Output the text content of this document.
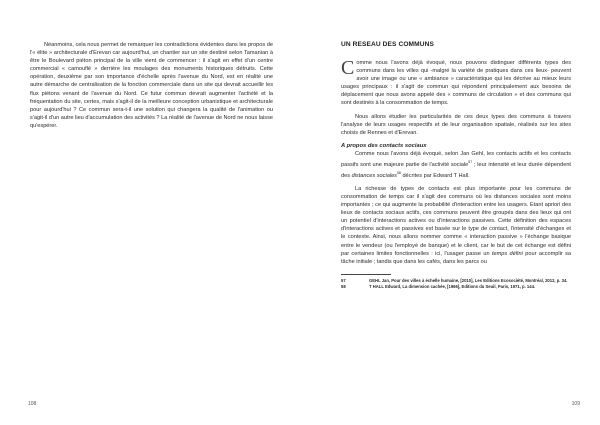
Néanmoins, cela nous permet de remarquer les contradictions évidentes dans les propos de l'« élite » architecturale d'Erevan car aujourd'hui, un chantier sur un site destiné selon Tamanian à être le Boulevard piéton principal de la ville vient de commencer : il s'agit en effet d'un centre commercial « camouflé » derrière les moulages des monuments historiques détruits. Cette opération, deuxième par son importance d'échelle après l'avenue du Nord, est en réalité une autre démarche de centralisation de la fonction commerciale dans un site qui devrait accueillir les flux piétons venant de l'avenue du Nord. Ce futur commun devrait augmenter l'activité et la fréquentation du site, certes, mais s'agit-il de la meilleure conception urbanistique et architecturale pour aujourd'hui ? Ce commun sera-t-il une solution qui changera la qualité de l'animation ou s'agit-il d'un autre lieu d'accumulation des activités ? La réalité de l'avenue de Nord ne nous laisse qu'espérer.

108
UN RESEAU DES COMMUNS

Comme nous l'avons déjà évoqué, nous pouvons distinguer différents types des communs dans les villes qui -malgré la variété de pratiques dans ces lieux- peuvent avoir une image ou une « ambiance » caractéristique qui les décrive au mieux leurs usages principaux : il s'agit de commun qui répondent principalement aux besoins de déplacement que nous avons appelé des « communs de circulation » et des communs qui sont destinés à la consommation de temps.

Nous allons étudier les particularités de ces deux types des communs à travers l'analyse de leurs usages respectifs et de leur organisation spatiale, réalisés sur les sites choisis de Rennes et d'Erevan.

A propos des contacts sociaux

Comme nous l'avons déjà évoqué, selon Jan Gehl, les contacts actifs et les contacts passifs sont une majeure partie de l'activité sociale$^{57}$ ; leur intensité et leur durée dépendent des distances sociales$^{58}$ décrites par Edward T Hall.

La richesse de types de contacts est plus importante pour les communs de consommation de temps car il s'agit des communs où les distances sociales sont moins importantes ; ce qui augmente la probabilité d'interaction entre les usagers. Etant apriori des lieux de contacts sociaux actifs, ces communs peuvent être groupés dans des lieux qui ont un potentiel d'interactions actives ou d'interactions passives. Cette définition des espaces d'interactions actives et passives est basée sur le type de contact, l'intensité d'échanges et le contexte. Ainsi, nous allons nommer comme « interaction passive » l'échange basique entre le vendeur (ou l'employé de banque) et le client, car le but de cet échange est défini par certaines limites fonctionnelles : ici, l'usager passe un temps défini pour accomplir sa tâche initiale ; tandis que dans les cafés, dans les parcs ou

57	GEHL Jan, Pour des villes à échelle humaine, [2010], Les Editions Ecosociété, Montréal, 2012, p. 34.
58	T HALL Edward, La dimension cachée, [1966], Editions du Seuil, Paris, 1971, p. 144.
109
